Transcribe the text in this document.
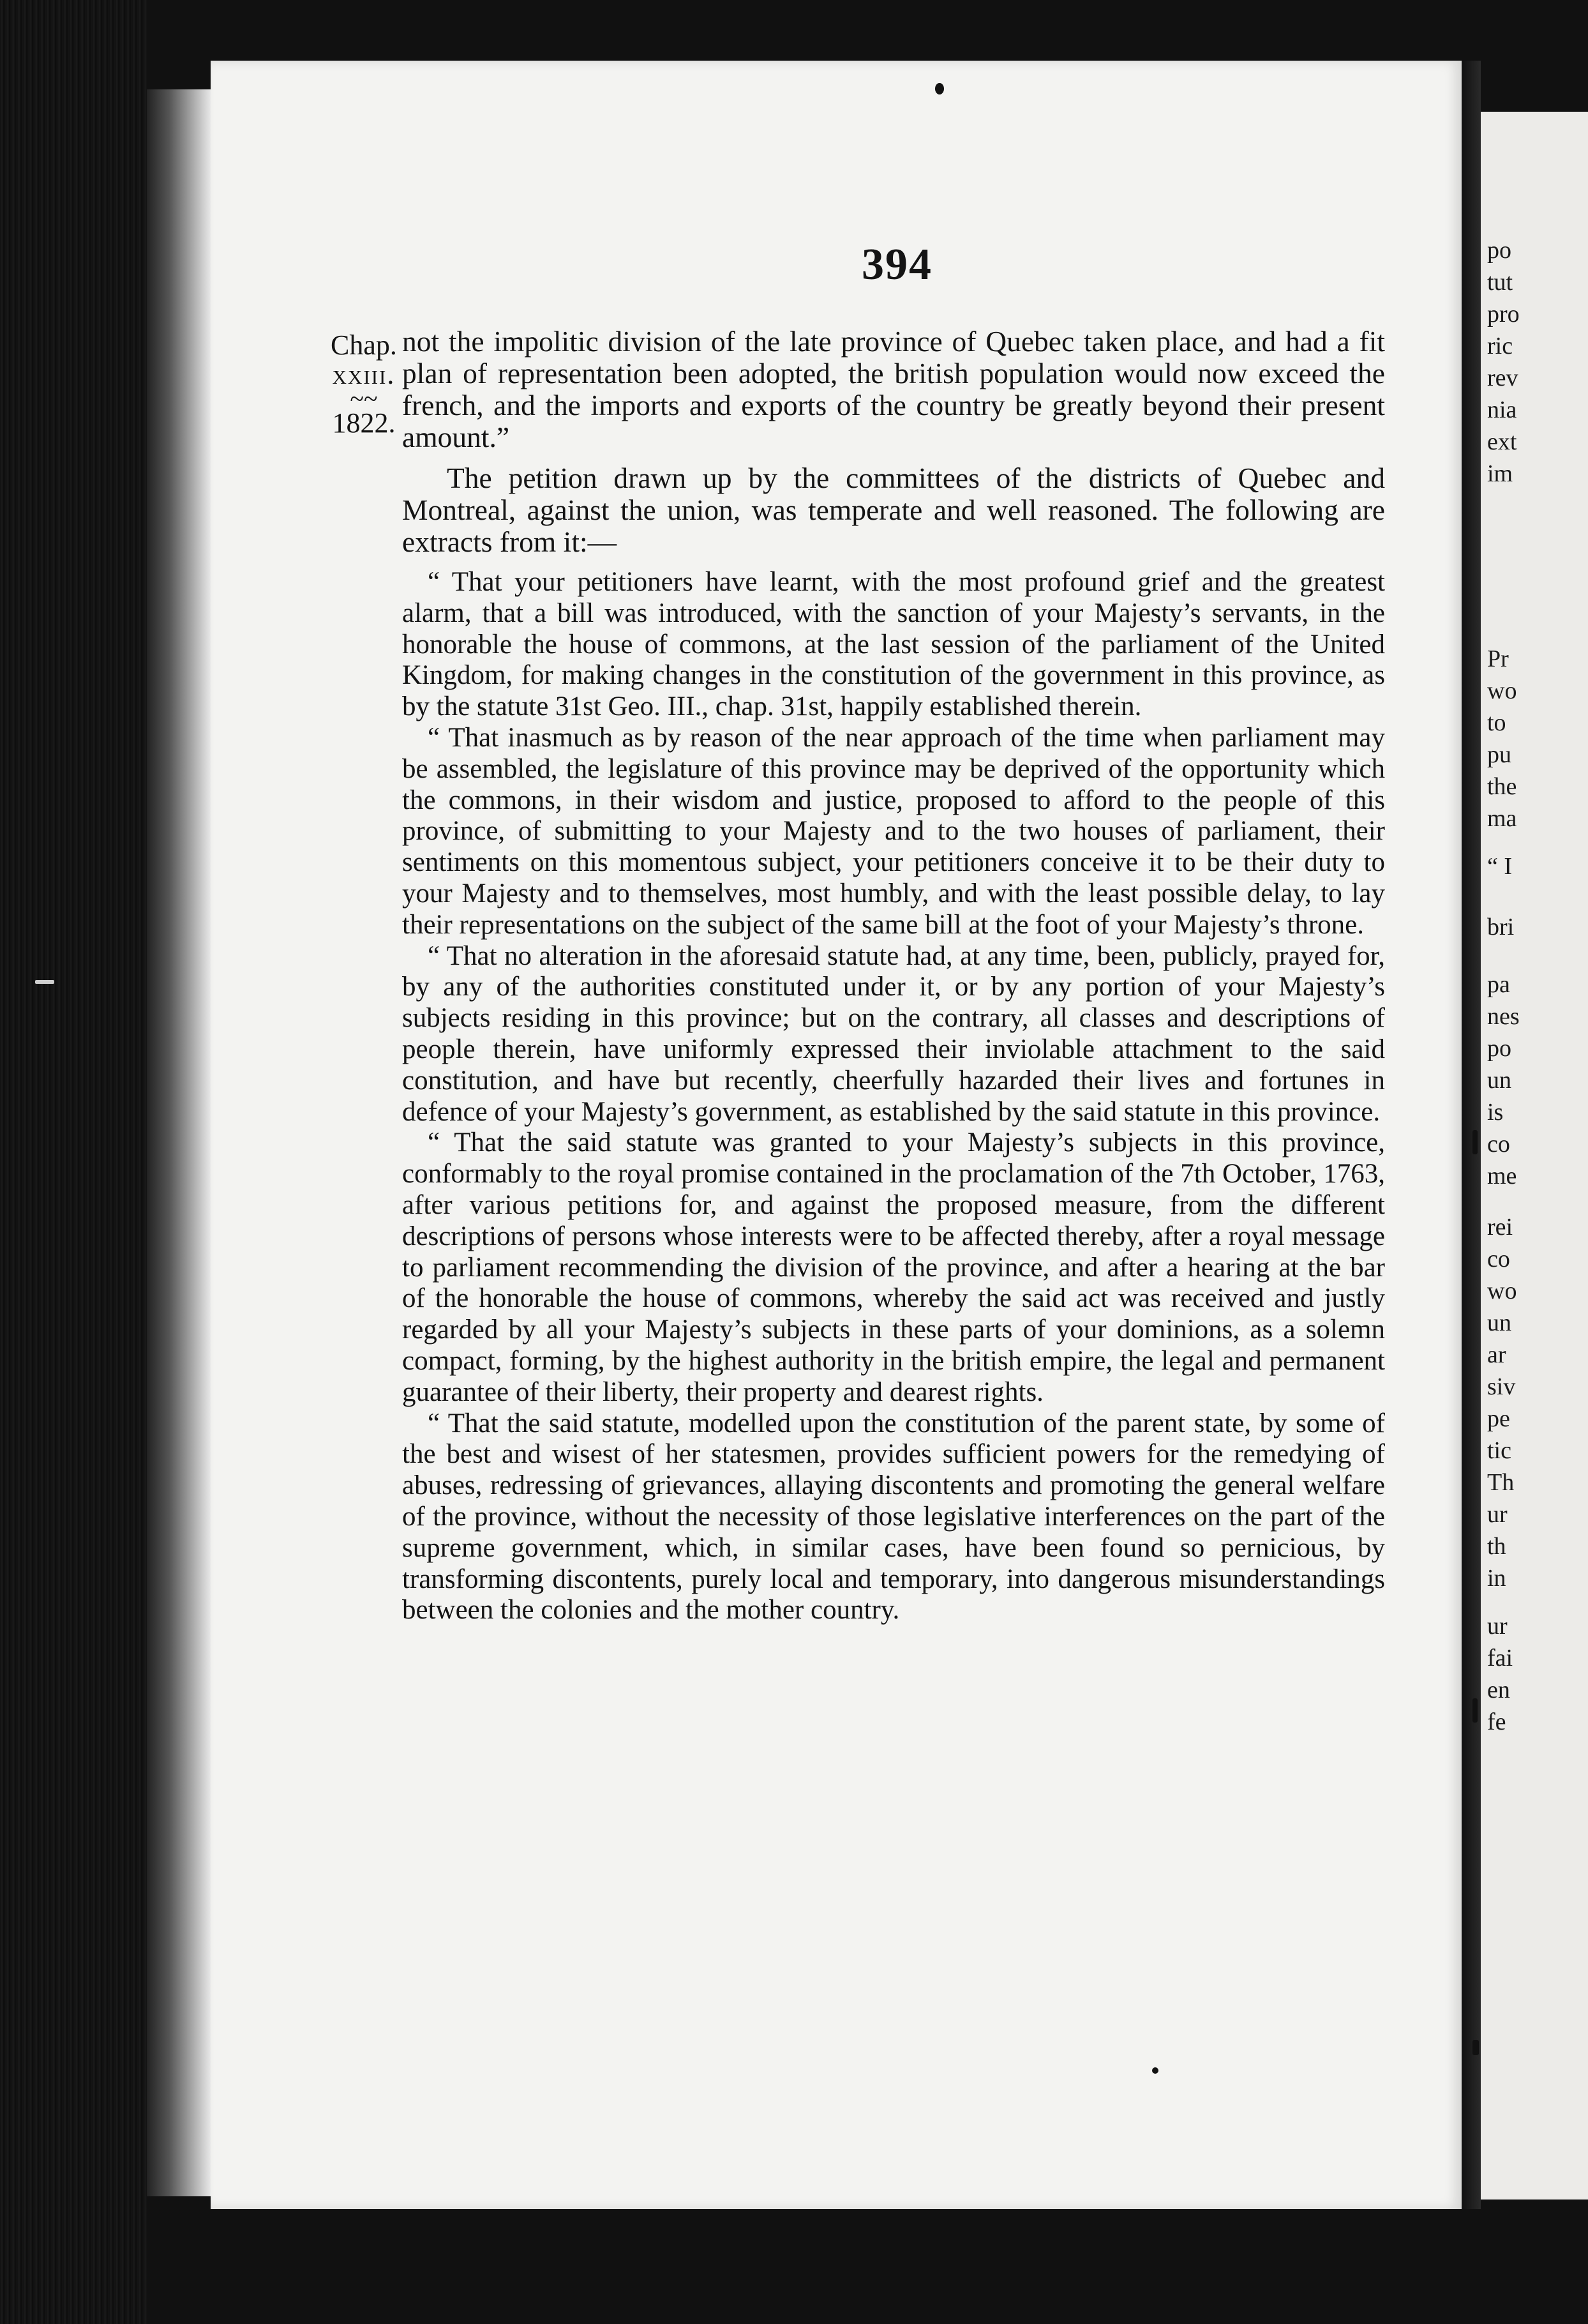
po
tut
pro
ric
rev
nia
ext
im
Pr
wo
to
pu
the
ma
“ I
bri
pa
nes
po
un
is
co
me
rei
co
wo
un
ar
siv
pe
tic
Th
ur
th
in
ur
fai
en
fe
394
Chap.
xxiii.
~~
1822.

not the impolitic division of the late province of Quebec taken place, and had a fit plan of representation been adopted, the british population would now exceed the french, and the imports and exports of the country be greatly beyond their present amount.”

The petition drawn up by the committees of the districts of Quebec and Montreal, against the union, was temperate and well reasoned. The following are extracts from it:—

“ That your petitioners have learnt, with the most profound grief and the greatest alarm, that a bill was introduced, with the sanction of your Majesty’s servants, in the honorable the house of commons, at the last session of the parliament of the United Kingdom, for making changes in the constitution of the government in this province, as by the statute 31st Geo. III., chap. 31st, happily established therein.

“ That inasmuch as by reason of the near approach of the time when parliament may be assembled, the legislature of this province may be deprived of the opportunity which the commons, in their wisdom and justice, proposed to afford to the people of this province, of submitting to your Majesty and to the two houses of parliament, their sentiments on this momentous subject, your petitioners conceive it to be their duty to your Majesty and to themselves, most humbly, and with the least possible delay, to lay their representations on the subject of the same bill at the foot of your Majesty’s throne.

“ That no alteration in the aforesaid statute had, at any time, been, publicly, prayed for, by any of the authorities constituted under it, or by any portion of your Majesty’s subjects residing in this province; but on the contrary, all classes and descriptions of people therein, have uniformly expressed their inviolable attachment to the said constitution, and have but recently, cheerfully hazarded their lives and fortunes in defence of your Majesty’s government, as established by the said statute in this province.

“ That the said statute was granted to your Majesty’s subjects in this province, conformably to the royal promise contained in the proclamation of the 7th October, 1763, after various petitions for, and against the proposed measure, from the different descriptions of persons whose interests were to be affected thereby, after a royal message to parliament recommending the division of the province, and after a hearing at the bar of the honorable the house of commons, whereby the said act was received and justly regarded by all your Majesty’s subjects in these parts of your dominions, as a solemn compact, forming, by the highest authority in the british empire, the legal and permanent guarantee of their liberty, their property and dearest rights.

“ That the said statute, modelled upon the constitution of the parent state, by some of the best and wisest of her statesmen, provides sufficient powers for the remedying of abuses, redressing of grievances, allaying discontents and promoting the general welfare of the province, without the necessity of those legislative interferences on the part of the supreme government, which, in similar cases, have been found so pernicious, by transforming discontents, purely local and temporary, into dangerous misunderstandings between the colonies and the mother country.
